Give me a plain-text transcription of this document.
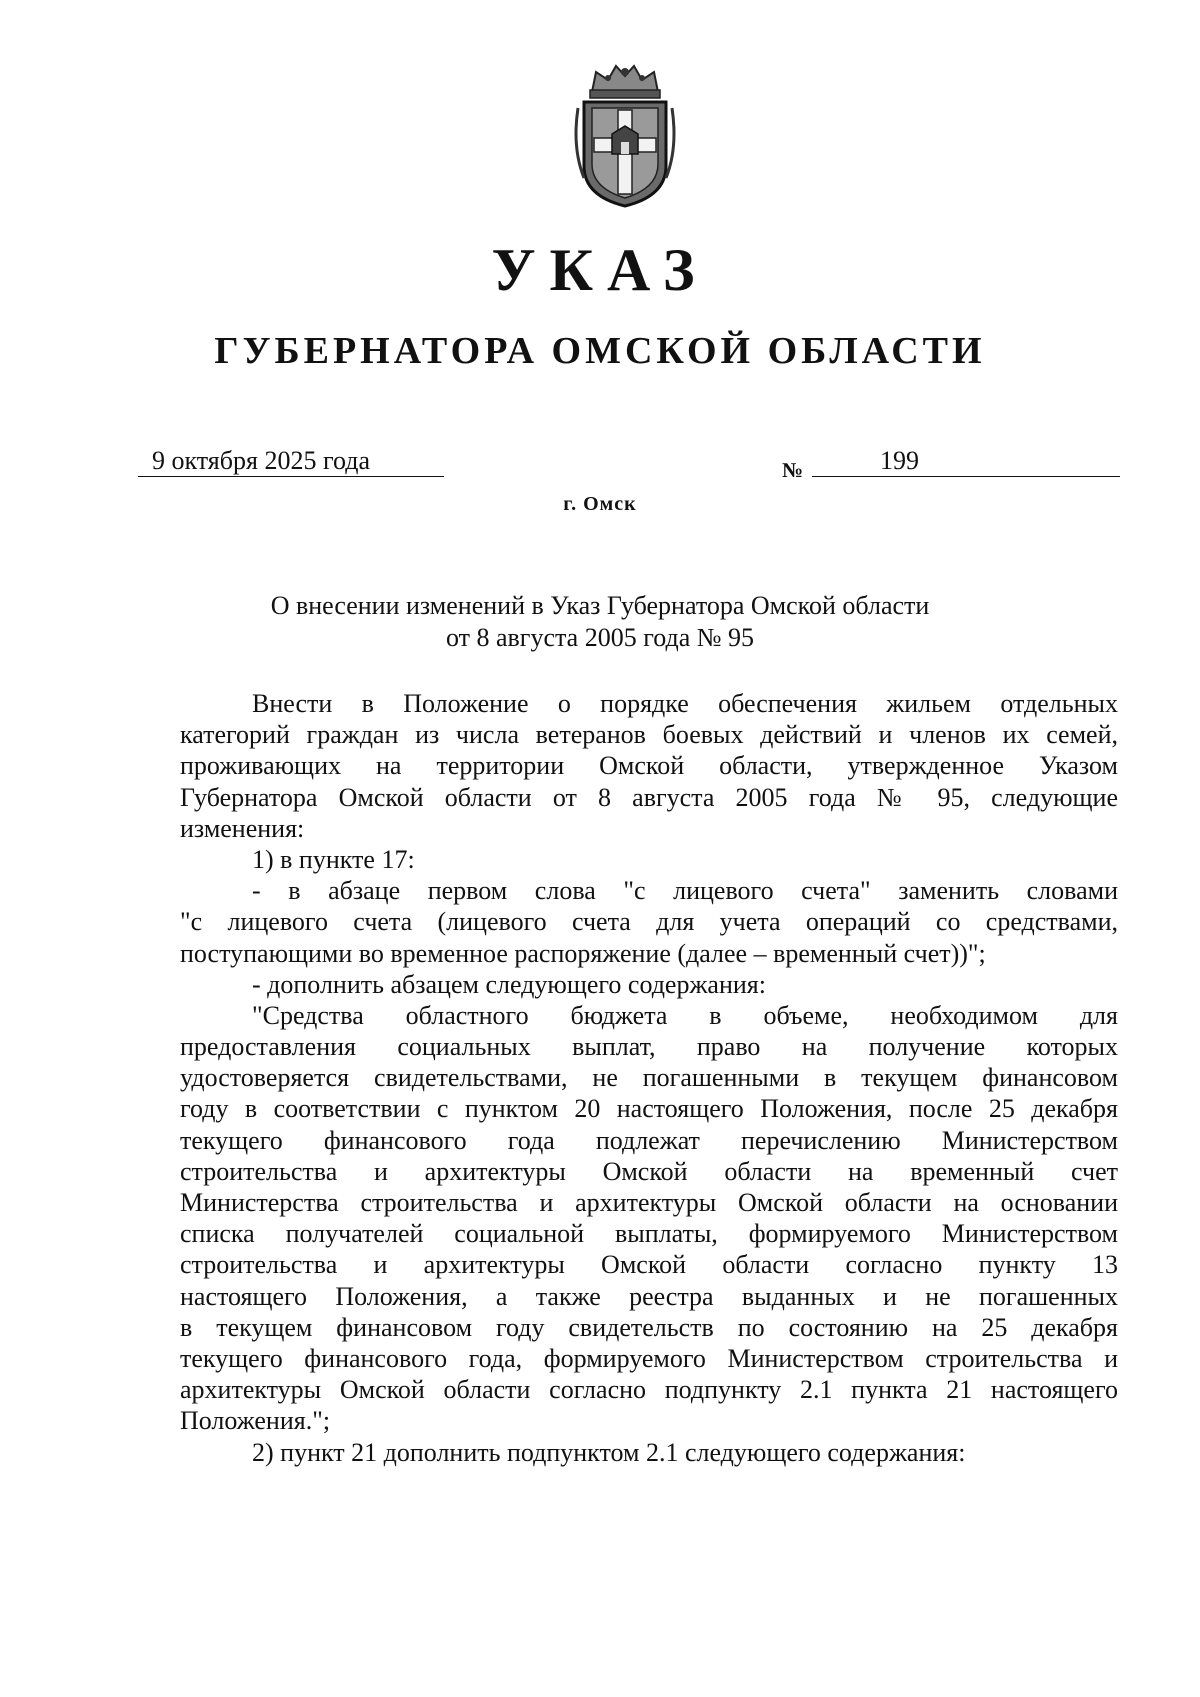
УКАЗ
ГУБЕРНАТОРА ОМСКОЙ ОБЛАСТИ
9 октября 2025 года	№	199
г. Омск
О внесении изменений в Указ Губернатора Омской области
от 8 августа 2005 года № 95
Внести в Положение о порядке обеспечения жильем отдельных
категорий граждан из числа ветеранов боевых действий и членов их семей,
проживающих на территории Омской области, утвержденное Указом
Губернатора Омской области от 8 августа 2005 года № 95, следующие
изменения:
1) в пункте 17:
- в абзаце первом слова "с лицевого счета" заменить словами
"с лицевого счета (лицевого счета для учета операций со средствами,
поступающими во временное распоряжение (далее – временный счет))";
- дополнить абзацем следующего содержания:
"Средства областного бюджета в объеме, необходимом для
предоставления социальных выплат, право на получение которых
удостоверяется свидетельствами, не погашенными в текущем финансовом
году в соответствии с пунктом 20 настоящего Положения, после 25 декабря
текущего финансового года подлежат перечислению Министерством
строительства и архитектуры Омской области на временный счет
Министерства строительства и архитектуры Омской области на основании
списка получателей социальной выплаты, формируемого Министерством
строительства и архитектуры Омской области согласно пункту 13
настоящего Положения, а также реестра выданных и не погашенных
в текущем финансовом году свидетельств по состоянию на 25 декабря
текущего финансового года, формируемого Министерством строительства и
архитектуры Омской области согласно подпункту 2.1 пункта 21 настоящего
Положения.";
2) пункт 21 дополнить подпунктом 2.1 следующего содержания:
